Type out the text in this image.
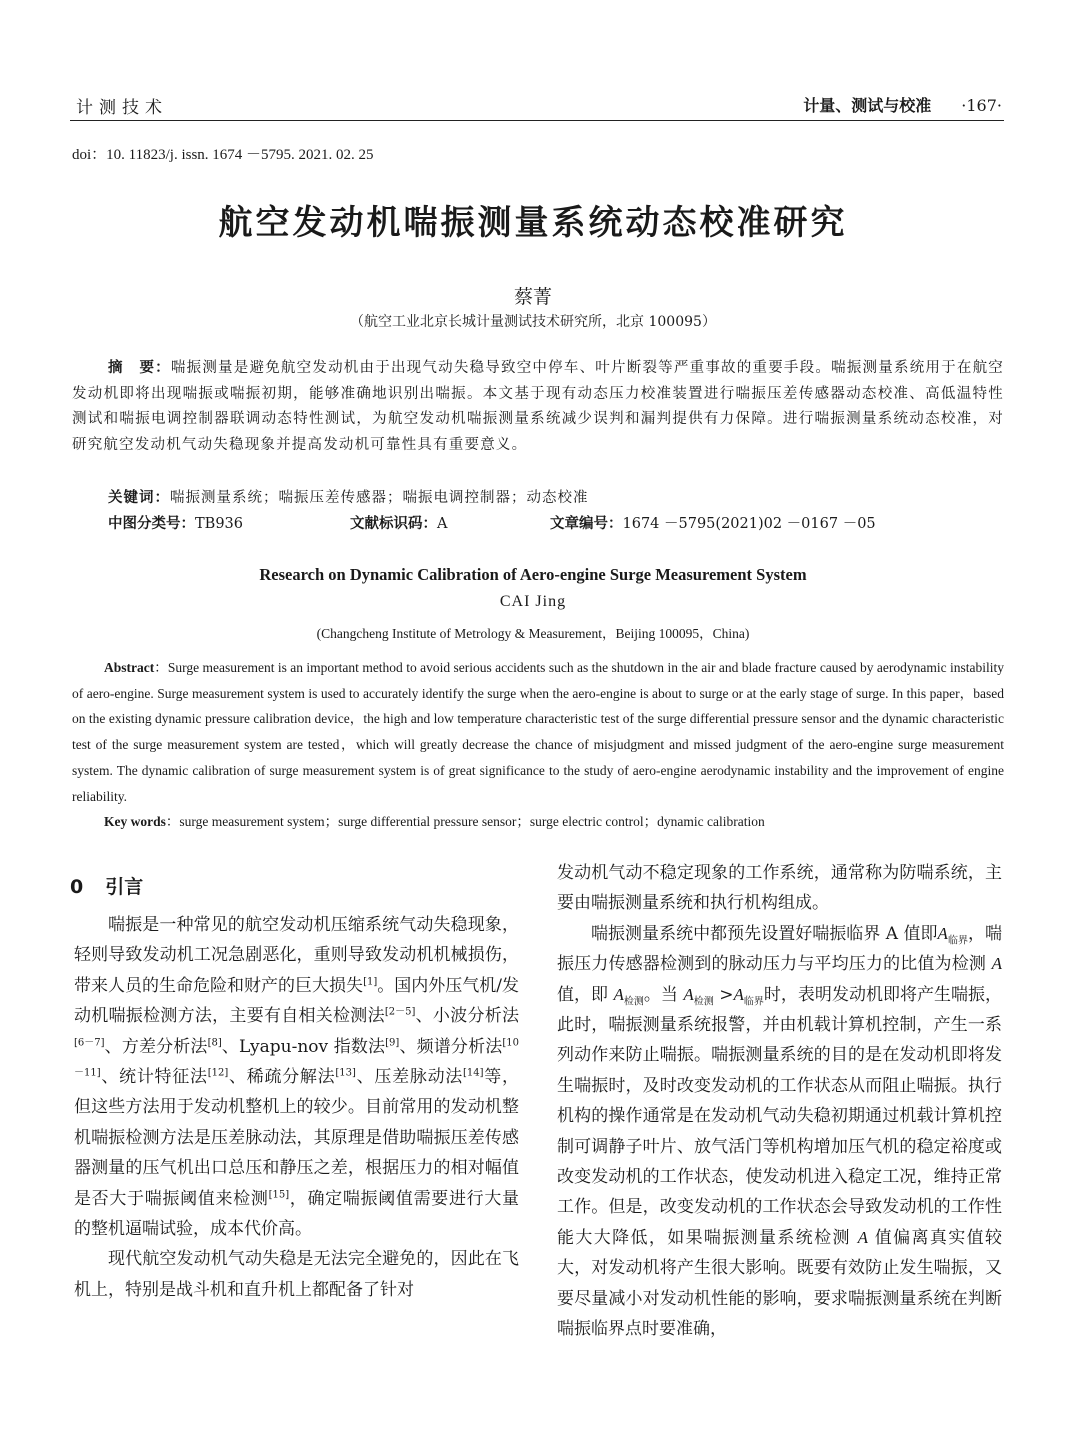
计测技术	计量、测试与校准 ·167·
doi：10. 11823/j. issn. 1674 －5795. 2021. 02. 25
航空发动机喘振测量系统动态校准研究
蔡菁
（航空工业北京长城计量测试技术研究所，北京 100095）
摘　要：喘振测量是避免航空发动机由于出现气动失稳导致空中停车、叶片断裂等严重事故的重要手段。喘振测量系统用于在航空发动机即将出现喘振或喘振初期，能够准确地识别出喘振。本文基于现有动态压力校准装置进行喘振压差传感器动态校准、高低温特性测试和喘振电调控制器联调动态特性测试，为航空发动机喘振测量系统减少误判和漏判提供有力保障。进行喘振测量系统动态校准，对研究航空发动机气动失稳现象并提高发动机可靠性具有重要意义。
关键词：喘振测量系统；喘振压差传感器；喘振电调控制器；动态校准
中图分类号：TB936	文献标识码：A	文章编号：1674 －5795(2021)02 －0167 －05
Research on Dynamic Calibration of Aero-engine Surge Measurement System
CAI Jing
(Changcheng Institute of Metrology & Measurement，Beijing 100095，China)
Abstract：Surge measurement is an important method to avoid serious accidents such as the shutdown in the air and blade fracture caused by aerodynamic instability of aero-engine. Surge measurement system is used to accurately identify the surge when the aero-engine is about to surge or at the early stage of surge. In this paper，based on the existing dynamic pressure calibration device，the high and low temperature characteristic test of the surge differential pressure sensor and the dynamic characteristic test of the surge measurement system are tested，which will greatly decrease the chance of misjudgment and missed judgment of the aero-engine surge measurement system. The dynamic calibration of surge measurement system is of great significance to the study of aero-engine aerodynamic instability and the improvement of engine reliability.
Key words：surge measurement system；surge differential pressure sensor；surge electric control；dynamic calibration
0 引言

喘振是一种常见的航空发动机压缩系统气动失稳现象，轻则导致发动机工况急剧恶化，重则导致发动机机械损伤，带来人员的生命危险和财产的巨大损失[1]。国内外压气机/发动机喘振检测方法，主要有自相关检测法[2－5]、小波分析法[6－7]、方差分析法[8]、Lyapu-nov 指数法[9]、频谱分析法[10－11]、统计特征法[12]、稀疏分解法[13]、压差脉动法[14]等，但这些方法用于发动机整机上的较少。目前常用的发动机整机喘振检测方法是压差脉动法，其原理是借助喘振压差传感器测量的压气机出口总压和静压之差，根据压力的相对幅值是否大于喘振阈值来检测[15]，确定喘振阈值需要进行大量的整机逼喘试验，成本代价高。

现代航空发动机气动失稳是无法完全避免的，因此在飞机上，特别是战斗机和直升机上都配备了针对

发动机气动不稳定现象的工作系统，通常称为防喘系统，主要由喘振测量系统和执行机构组成。

喘振测量系统中都预先设置好喘振临界 A 值即$A_{临界}$，喘振压力传感器检测到的脉动压力与平均压力的比值为检测 A 值，即 $A_{检测}$。当 $A_{检测} >A_{临界}$时，表明发动机即将产生喘振，此时，喘振测量系统报警，并由机载计算机控制，产生一系列动作来防止喘振。喘振测量系统的目的是在发动机即将发生喘振时，及时改变发动机的工作状态从而阻止喘振。执行机构的操作通常是在发动机气动失稳初期通过机载计算机控制可调静子叶片、放气活门等机构增加压气机的稳定裕度或改变发动机的工作状态，使发动机进入稳定工况，维持正常工作。但是，改变发动机的工作状态会导致发动机的工作性能大大降低，如果喘振测量系统检测 A 值偏离真实值较大，对发动机将产生很大影响。既要有效防止发生喘振，又要尽量减小对发动机性能的影响，要求喘振测量系统在判断喘振临界点时要准确，
